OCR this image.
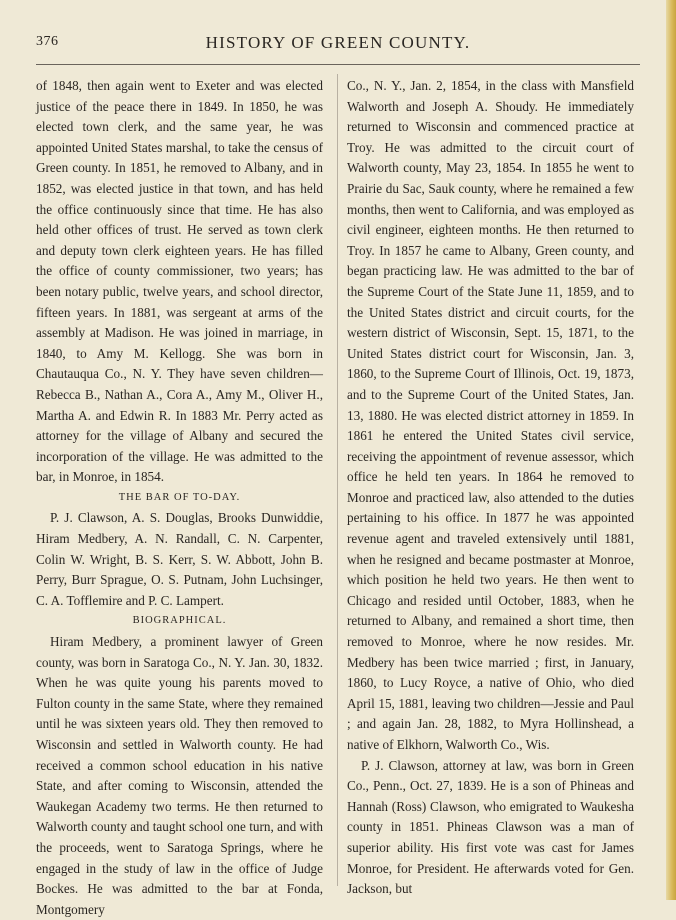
376	HISTORY OF GREEN COUNTY.

of 1848, then again went to Exeter and was elected justice of the peace there in 1849. In 1850, he was elected town clerk, and the same year, he was appointed United States marshal, to take the census of Green county. In 1851, he removed to Albany, and in 1852, was elected justice in that town, and has held the office continuously since that time. He has also held other offices of trust. He served as town clerk and deputy town clerk eighteen years. He has filled the office of county commissioner, two years; has been notary public, twelve years, and school director, fifteen years. In 1881, was sergeant at arms of the assembly at Madison. He was joined in marriage, in 1840, to Amy M. Kellogg. She was born in Chautauqua Co., N. Y. They have seven children—Rebecca B., Nathan A., Cora A., Amy M., Oliver H., Martha A. and Edwin R. In 1883 Mr. Perry acted as attorney for the village of Albany and secured the incorporation of the village. He was admitted to the bar, in Monroe, in 1854.

THE BAR OF TO-DAY.

P. J. Clawson, A. S. Douglas, Brooks Dunwiddie, Hiram Medbery, A. N. Randall, C. N. Carpenter, Colin W. Wright, B. S. Kerr, S. W. Abbott, John B. Perry, Burr Sprague, O. S. Putnam, John Luchsinger, C. A. Tofflemire and P. C. Lampert.

BIOGRAPHICAL.

Hiram Medbery, a prominent lawyer of Green county, was born in Saratoga Co., N. Y. Jan. 30, 1832. When he was quite young his parents moved to Fulton county in the same State, where they remained until he was sixteen years old. They then removed to Wisconsin and settled in Walworth county. He had received a common school education in his native State, and after coming to Wisconsin, attended the Waukegan Academy two terms. He then returned to Walworth county and taught school one turn, and with the proceeds, went to Saratoga Springs, where he engaged in the study of law in the office of Judge Bockes. He was admitted to the bar at Fonda, Montgomery

Co., N. Y., Jan. 2, 1854, in the class with Mansfield Walworth and Joseph A. Shoudy. He immediately returned to Wisconsin and commenced practice at Troy. He was admitted to the circuit court of Walworth county, May 23, 1854. In 1855 he went to Prairie du Sac, Sauk county, where he remained a few months, then went to California, and was employed as civil engineer, eighteen months. He then returned to Troy. In 1857 he came to Albany, Green county, and began practicing law. He was admitted to the bar of the Supreme Court of the State June 11, 1859, and to the United States district and circuit courts, for the western district of Wisconsin, Sept. 15, 1871, to the United States district court for Wisconsin, Jan. 3, 1860, to the Supreme Court of Illinois, Oct. 19, 1873, and to the Supreme Court of the United States, Jan. 13, 1880. He was elected district attorney in 1859. In 1861 he entered the United States civil service, receiving the appointment of revenue assessor, which office he held ten years. In 1864 he removed to Monroe and practiced law, also attended to the duties pertaining to his office. In 1877 he was appointed revenue agent and traveled extensively until 1881, when he resigned and became postmaster at Monroe, which position he held two years. He then went to Chicago and resided until October, 1883, when he returned to Albany, and remained a short time, then removed to Monroe, where he now resides. Mr. Medbery has been twice married ; first, in January, 1860, to Lucy Royce, a native of Ohio, who died April 15, 1881, leaving two children—Jessie and Paul ; and again Jan. 28, 1882, to Myra Hollinshead, a native of Elkhorn, Walworth Co., Wis.

P. J. Clawson, attorney at law, was born in Green Co., Penn., Oct. 27, 1839. He is a son of Phineas and Hannah (Ross) Clawson, who emigrated to Waukesha county in 1851. Phineas Clawson was a man of superior ability. His first vote was cast for James Monroe, for President. He afterwards voted for Gen. Jackson, but
